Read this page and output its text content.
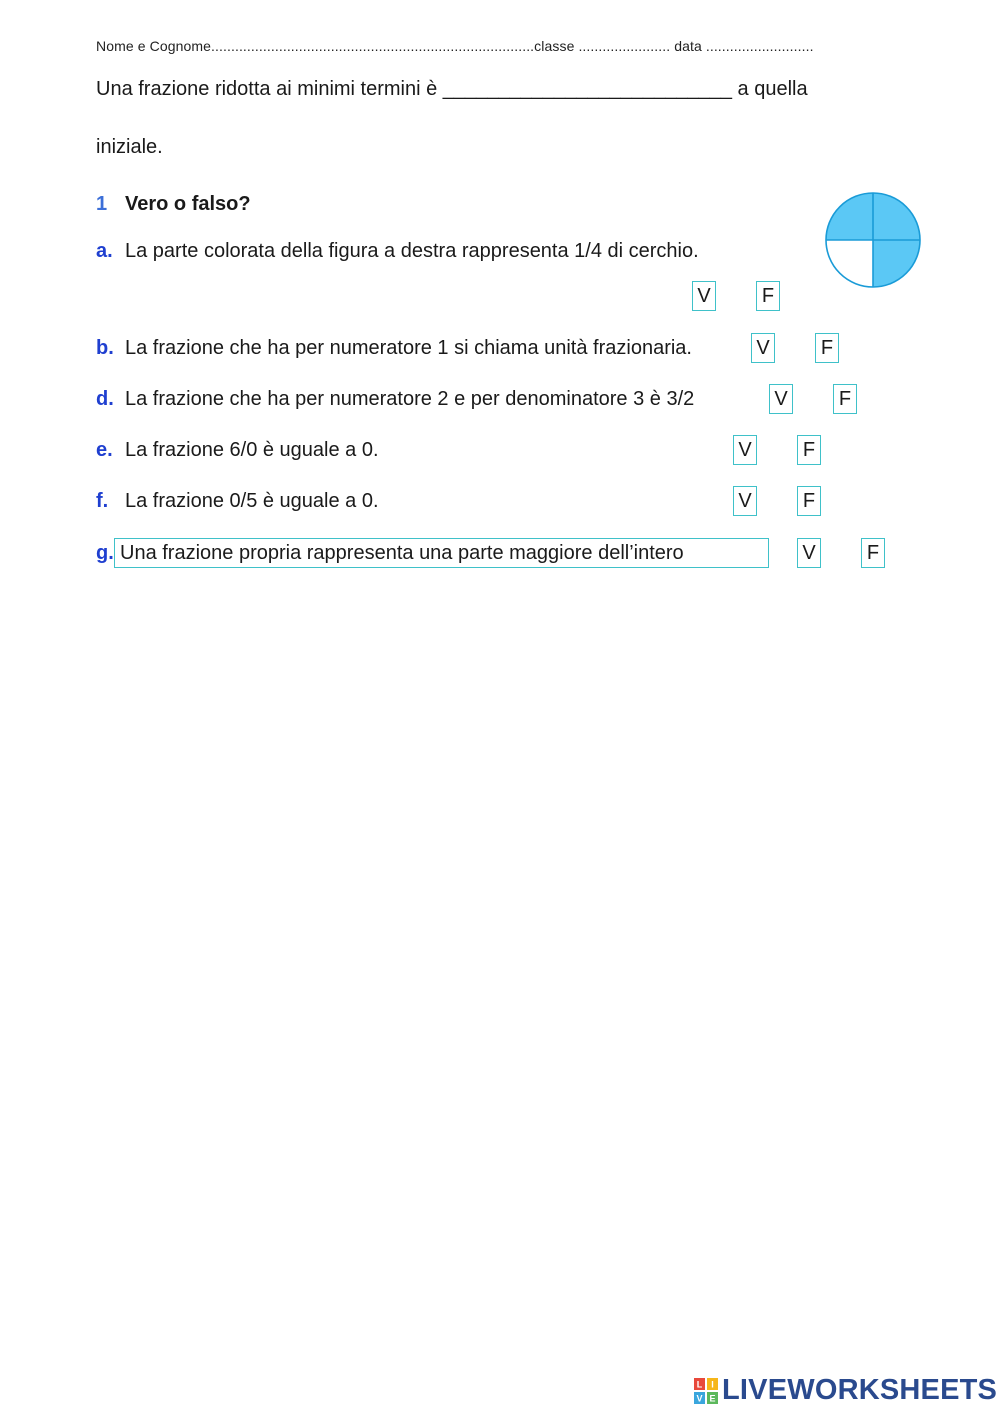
Nome e Cognome.................................................................................classe ....................... data ...........................
Una frazione ridotta ai minimi termini è __________________________ a quella
iniziale.
1 Vero o falso?
a. La parte colorata della figura a destra rappresenta 1/4 di cerchio.
V	F
b. La frazione che ha per numeratore 1 si chiama unità frazionaria.	V	F
d. La frazione che ha per numeratore 2 e per denominatore 3 è 3/2	V	F
e. La frazione 6/0 è uguale a 0.	V	F
f. La frazione 0/5 è uguale a 0.	V	F
g. Una frazione propria rappresenta una parte maggiore dell’intero	V	F
L I
V E LIVEWORKSHEETS
